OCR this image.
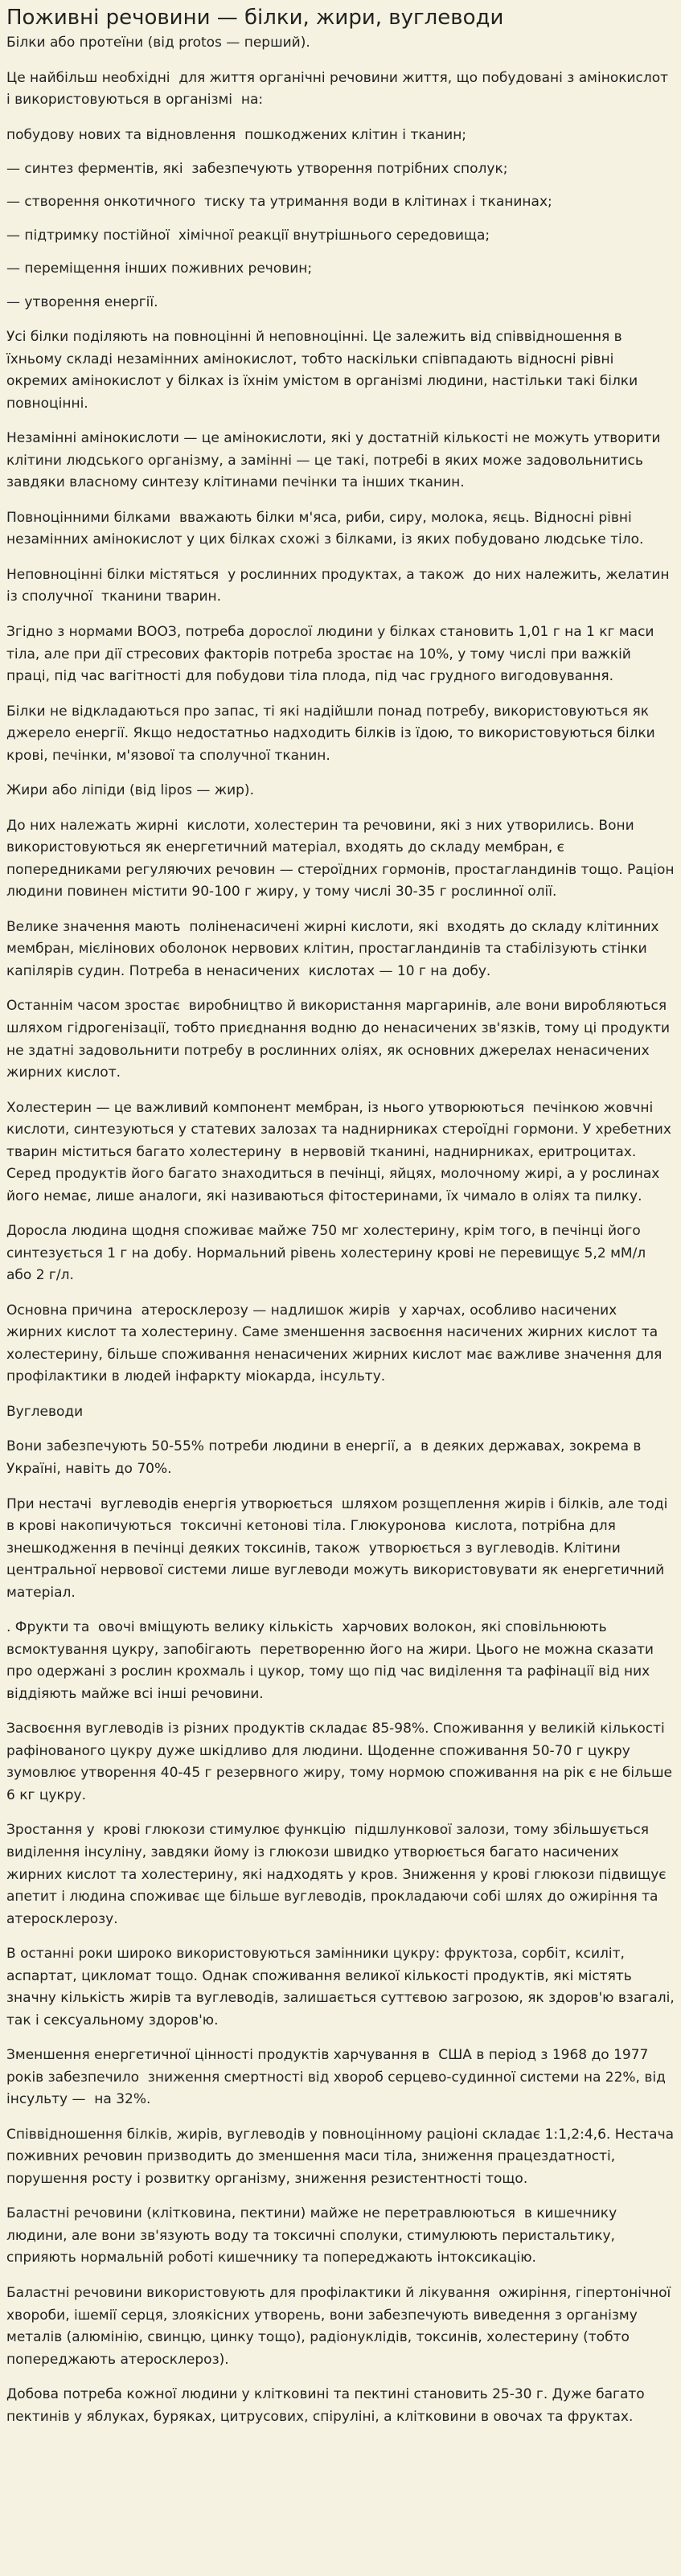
Поживні речовини — білки, жири, вуглеводи

Білки або протеїни (від protos — перший).

Це найбільш необхідні  для життя органічні речовини життя, що побудовані з амінокислот  і використовуються в організмі  на:

побудову нових та відновлення  пошкоджених клітин і тканин;

— синтез ферментів, які  забезпечують утворення потрібних сполук;

— створення онкотичного  тиску та утримання води в клітинах і тканинах;

— підтримку постійної  хімічної реакції внутрішнього середовища;

— переміщення інших поживних речовин;

— утворення енергії.

Усі білки поділяють на повноцінні й неповноцінні. Це залежить від співвідношення в їхньому складі незамінних амінокислот, тобто наскільки співпадають відносні рівні окремих амінокислот у білках із їхнім умістом в організмі людини, настільки такі білки повноцінні.

Незамінні амінокислоти — це амінокислоти, які у достатній кількості не можуть утворити клітини людського організму, а замінні — це такі, потребі в яких може задовольнитись завдяки власному синтезу клітинами печінки та інших тканин.

Повноцінними білками  вважають білки м'яса, риби, сиру, молока, яєць. Відносні рівні незамінних амінокислот у цих білках схожі з білками, із яких побудовано людське тіло.

Неповноцінні білки містяться  у рослинних продуктах, а також  до них належить, желатин із сполучної  тканини тварин.

Згідно з нормами ВООЗ, потреба дорослої людини у білках становить 1,01 г на 1 кг маси тіла, але при дії стресових факторів потреба зростає на 10%, у тому числі при важкій праці, під час вагітності для побудови тіла плода, під час грудного вигодовування.

Білки не відкладаються про запас, ті які надійшли понад потребу, використовуються як джерело енергії. Якщо недостатньо надходить білків із їдою, то використовуються білки крові, печінки, м'язової та сполучної тканин.

Жири або ліпіди (від lipos — жир).

До них належать жирні  кислоти, холестерин та речовини, які з них утворились. Вони використовуються як енергетичний матеріал, входять до складу мембран, є попередниками регуляючих речовин — стероїдних гормонів, простагландинів тощо. Раціон людини повинен містити 90-100 г жиру, у тому числі 30-35 г рослинної олії.

Велике значення мають  поліненасичені жирні кислоти, які  входять до складу клітинних мембран, мієлінових оболонок нервових клітин, простагландинів та стабілізують стінки капілярів судин. Потреба в ненасичених  кислотах — 10 г на добу.

Останнім часом зростає  виробництво й використання маргаринів, але вони виробляються шляхом гідрогенізації, тобто приєднання водню до ненасичених зв'язків, тому ці продукти не здатні задовольнити потребу в рослинних оліях, як основних джерелах ненасичених жирних кислот.

Холестерин — це важливий компонент мембран, із нього утворюються  печінкою жовчні кислоти, синтезуються у статевих залозах та наднирниках стероїдні гормони. У хребетних  тварин міститься багато холестерину  в нервовій тканині, наднирниках, еритроцитах. Серед продуктів його багато знаходиться в печінці, яйцях, молочному жирі, а у рослинах його немає, лише аналоги, які називаються фітостеринами, їх чимало в оліях та пилку.

Доросла людина щодня споживає майже 750 мг холестерину, крім того, в печінці його синтезується 1 г на добу. Нормальний рівень холестерину крові не перевищує 5,2 мМ/л або 2 г/л.

Основна причина  атеросклерозу — надлишок жирів  у харчах, особливо насичених жирних кислот та холестерину. Саме зменшення засвоєння насичених жирних кислот та холестерину, більше споживання ненасичених жирних кислот має важливе значення для профілактики в людей інфаркту міокарда, інсульту.

Вуглеводи

Вони забезпечують 50-55% потреби людини в енергії, а  в деяких державах, зокрема в Україні, навіть до 70%.

При нестачі  вуглеводів енергія утворюється  шляхом розщеплення жирів і білків, але тоді в крові накопичуються  токсичні кетонові тіла. Глюкуронова  кислота, потрібна для знешкодження в печінці деяких токсинів, також  утворюється з вуглеводів. Клітини центральної нервової системи лише вуглеводи можуть використовувати як енергетичний матеріал.

. Фрукти та  овочі вміщують велику кількість  харчових волокон, які сповільнюють  всмоктування цукру, запобігають  перетворенню його на жири. Цього не можна сказати про одержані з рослин крохмаль і цукор, тому що під час виділення та рафінації від них віддіяють майже всі інші речовини.

Засвоєння вуглеводів із різних продуктів складає 85-98%. Споживання у великій кількості рафінованого цукру дуже шкідливо для людини. Щоденне споживання 50-70 г цукру зумовлює утворення 40-45 г резервного жиру, тому нормою споживання на рік є не більше 6 кг цукру.

Зростання у  крові глюкози стимулює функцію  підшлункової залози, тому збільшується виділення інсуліну, завдяки йому із глюкози швидко утворюється багато насичених жирних кислот та холестерину, які надходять у кров. Зниження у крові глюкози підвищує апетит і людина споживає ще більше вуглеводів, прокладаючи собі шлях до ожиріння та атеросклерозу.

В останні роки широко використовуються замінники цукру: фруктоза, сорбіт, ксиліт, аспартат, цикломат тощо. Однак споживання великої кількості продуктів, які містять значну кількість жирів та вуглеводів, залишається суттєвою загрозою, як здоров'ю взагалі, так і сексуальному здоров'ю.

Зменшення енергетичної цінності продуктів харчування в  США в період з 1968 до 1977 років забезпечило  зниження смертності від хвороб серцево-судинної системи на 22%, від інсульту —  на 32%.

Співвідношення білків, жирів, вуглеводів у повноцінному раціоні складає 1:1,2:4,6. Нестача поживних речовин призводить до зменшення маси тіла, зниження працездатності, порушення росту і розвитку організму, зниження резистентності тощо.

Баластні речовини (клітковина, пектини) майже не перетравлюються  в кишечнику людини, але вони зв'язують воду та токсичні сполуки, стимулюють перистальтику, сприяють нормальній роботі кишечнику та попереджають інтоксикацію.

Баластні речовини використовують для профілактики й лікування  ожиріння, гіпертонічної хвороби, ішемії серця, злоякісних утворень, вони забезпечують виведення з організму металів (алюмінію, свинцю, цинку тощо), радіонуклідів, токсинів, холестерину (тобто попереджають атеросклероз).

Добова потреба кожної людини у клітковині та пектині становить 25-30 г. Дуже багато пектинів у яблуках, буряках, цитрусових, спіруліні, а клітковини в овочах та фруктах.
